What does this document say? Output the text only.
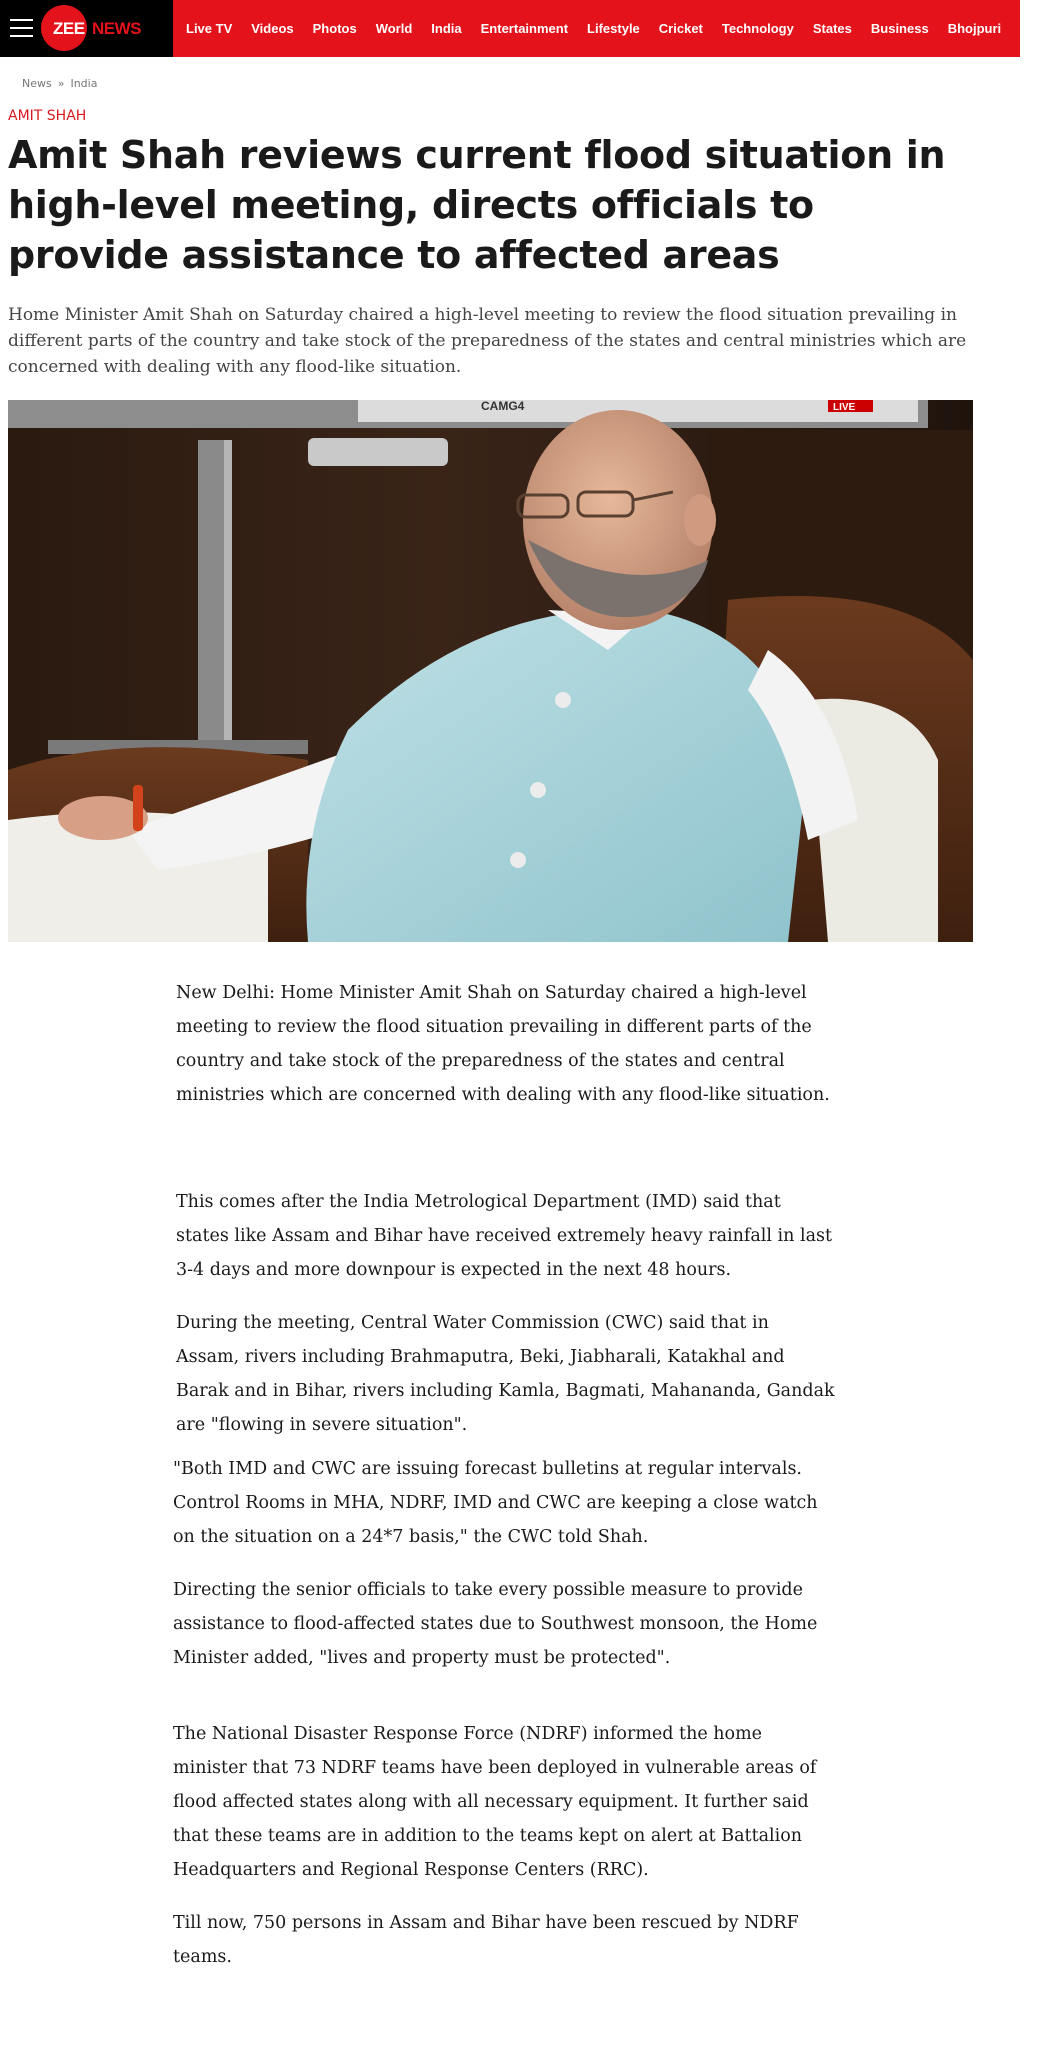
ZEE NEWS	Live TV Videos Photos World India Entertainment Lifestyle Cricket Technology States Business Bhojpuri ...
News » India
AMIT SHAH
Amit Shah reviews current flood situation in high-level meeting, directs officials to provide assistance to affected areas

Home Minister Amit Shah on Saturday chaired a high-level meeting to review the flood situation prevailing in different parts of the country and take stock of the preparedness of the states and central ministries which are concerned with dealing with any flood-like situation.

CAMG4	LIVE

New Delhi: Home Minister Amit Shah on Saturday chaired a high-level meeting to review the flood situation prevailing in different parts of the country and take stock of the preparedness of the states and central ministries which are concerned with dealing with any flood-like situation.

This comes after the India Metrological Department (IMD) said that states like Assam and Bihar have received extremely heavy rainfall in last 3-4 days and more downpour is expected in the next 48 hours.

During the meeting, Central Water Commission (CWC) said that in Assam, rivers including Brahmaputra, Beki, Jiabharali, Katakhal and Barak and in Bihar, rivers including Kamla, Bagmati, Mahananda, Gandak are "flowing in severe situation".

"Both IMD and CWC are issuing forecast bulletins at regular intervals. Control Rooms in MHA, NDRF, IMD and CWC are keeping a close watch on the situation on a 24*7 basis," the CWC told Shah.

Directing the senior officials to take every possible measure to provide assistance to flood-affected states due to Southwest monsoon, the Home Minister added, "lives and property must be protected".

The National Disaster Response Force (NDRF) informed the home minister that 73 NDRF teams have been deployed in vulnerable areas of flood affected states along with all necessary equipment. It further said that these teams are in addition to the teams kept on alert at Battalion Headquarters and Regional Response Centers (RRC).

Till now, 750 persons in Assam and Bihar have been rescued by NDRF teams.
